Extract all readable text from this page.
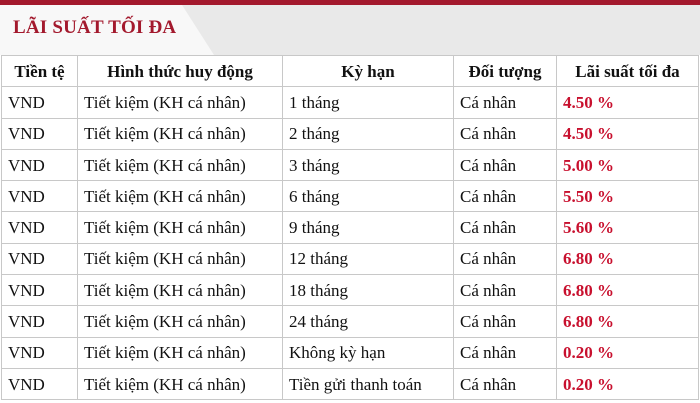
LÃI SUẤT TỐI ĐA
Tiền tệ	Hình thức huy động	Kỳ hạn	Đối tượng	Lãi suất tối đa
VND	Tiết kiệm (KH cá nhân)	1 tháng	Cá nhân	4.50 %
VND	Tiết kiệm (KH cá nhân)	2 tháng	Cá nhân	4.50 %
VND	Tiết kiệm (KH cá nhân)	3 tháng	Cá nhân	5.00 %
VND	Tiết kiệm (KH cá nhân)	6 tháng	Cá nhân	5.50 %
VND	Tiết kiệm (KH cá nhân)	9 tháng	Cá nhân	5.60 %
VND	Tiết kiệm (KH cá nhân)	12 tháng	Cá nhân	6.80 %
VND	Tiết kiệm (KH cá nhân)	18 tháng	Cá nhân	6.80 %
VND	Tiết kiệm (KH cá nhân)	24 tháng	Cá nhân	6.80 %
VND	Tiết kiệm (KH cá nhân)	Không kỳ hạn	Cá nhân	0.20 %
VND	Tiết kiệm (KH cá nhân)	Tiền gửi thanh toán	Cá nhân	0.20 %
